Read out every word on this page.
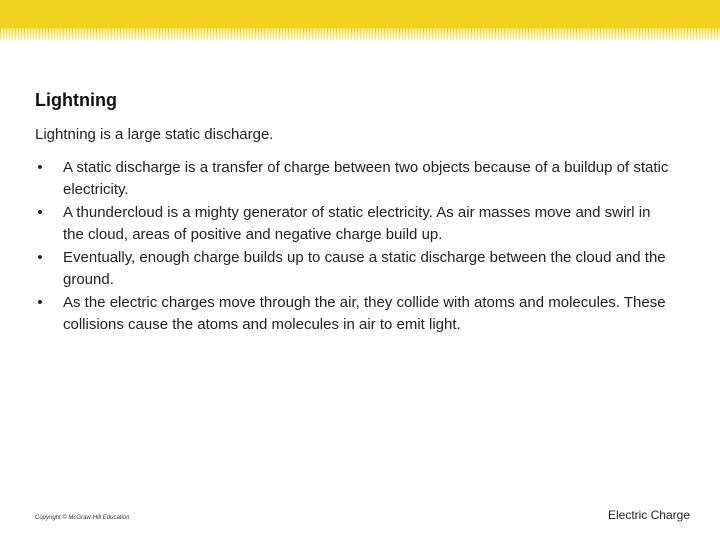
Lightning
Lightning is a large static discharge.
• A static discharge is a transfer of charge between two objects because of a buildup of static electricity.
• A thundercloud is a mighty generator of static electricity. As air masses move and swirl in the cloud, areas of positive and negative charge build up.
• Eventually, enough charge builds up to cause a static discharge between the cloud and the ground.
• As the electric charges move through the air, they collide with atoms and molecules. These collisions cause the atoms and molecules in air to emit light.
Copyright © McGraw-Hill Education	Electric Charge
